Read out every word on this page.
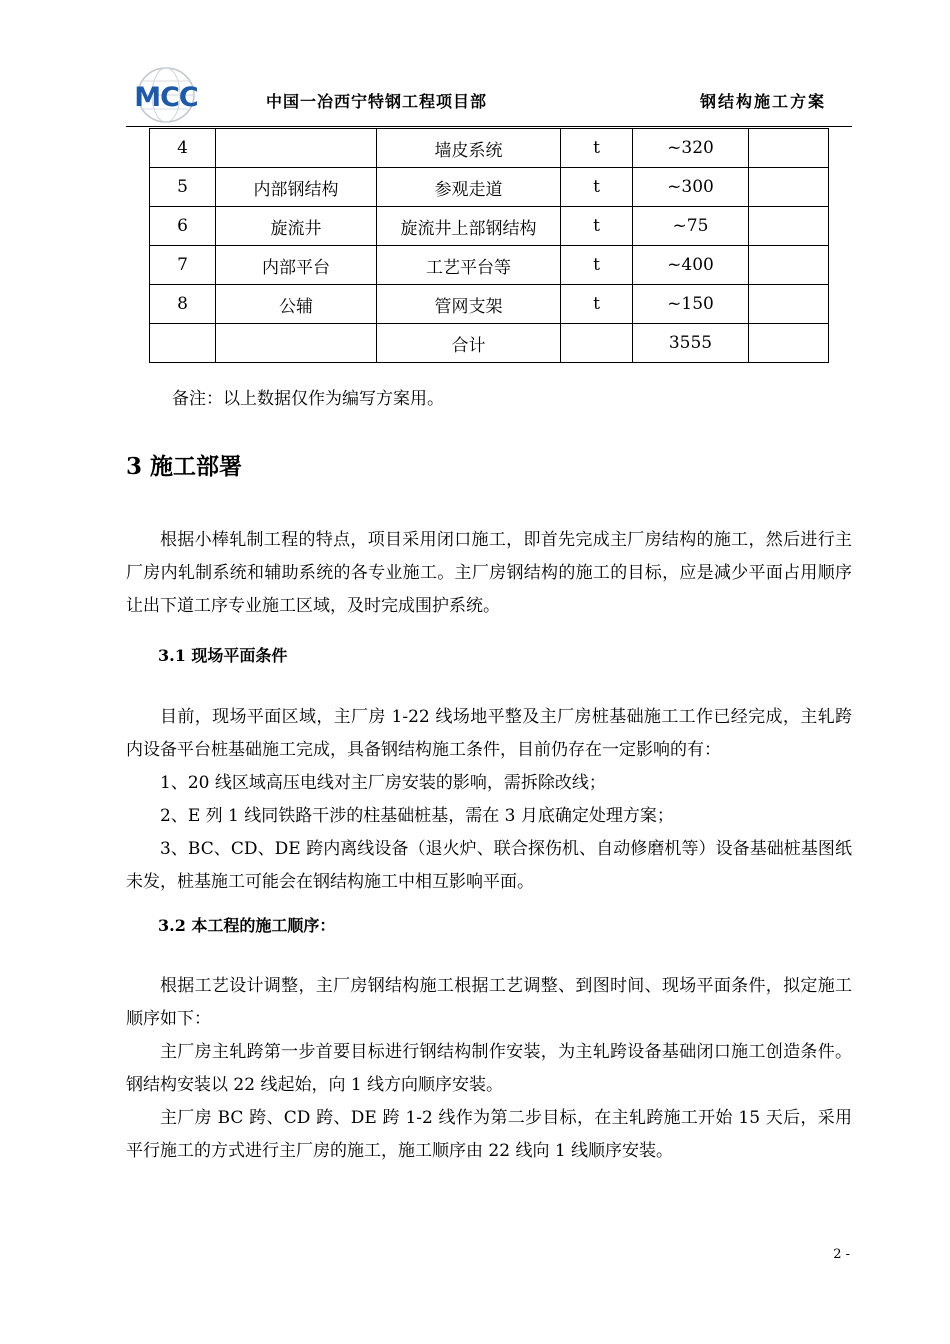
MCC	中国一冶西宁特钢工程项目部	钢结构施工方案
4		墙皮系统	t	~320	
5	内部钢结构	参观走道	t	~300	
6	旋流井	旋流井上部钢结构	t	~75	
7	内部平台	工艺平台等	t	~400	
8	公辅	管网支架	t	~150	
		合计		3555	
备注：以上数据仅作为编写方案用。
3 施工部署

根据小棒轧制工程的特点，项目采用闭口施工，即首先完成主厂房结构的施工，然后进行主厂房内轧制系统和辅助系统的各专业施工。主厂房钢结构的施工的目标，应是减少平面占用顺序让出下道工序专业施工区域，及时完成围护系统。

3.1 现场平面条件

目前，现场平面区域，主厂房 1-22 线场地平整及主厂房桩基础施工工作已经完成，主轧跨内设备平台桩基础施工完成，具备钢结构施工条件，目前仍存在一定影响的有：

1、20 线区域高压电线对主厂房安装的影响，需拆除改线；

2、E 列 1 线同铁路干涉的柱基础桩基，需在 3 月底确定处理方案；

3、BC、CD、DE 跨内离线设备（退火炉、联合探伤机、自动修磨机等）设备基础桩基图纸未发，桩基施工可能会在钢结构施工中相互影响平面。

3.2 本工程的施工顺序：

根据工艺设计调整，主厂房钢结构施工根据工艺调整、到图时间、现场平面条件，拟定施工顺序如下：

主厂房主轧跨第一步首要目标进行钢结构制作安装，为主轧跨设备基础闭口施工创造条件。钢结构安装以 22 线起始，向 1 线方向顺序安装。

主厂房 BC 跨、CD 跨、DE 跨 1-2 线作为第二步目标，在主轧跨施工开始 15 天后，采用平行施工的方式进行主厂房的施工，施工顺序由 22 线向 1 线顺序安装。

2 -
